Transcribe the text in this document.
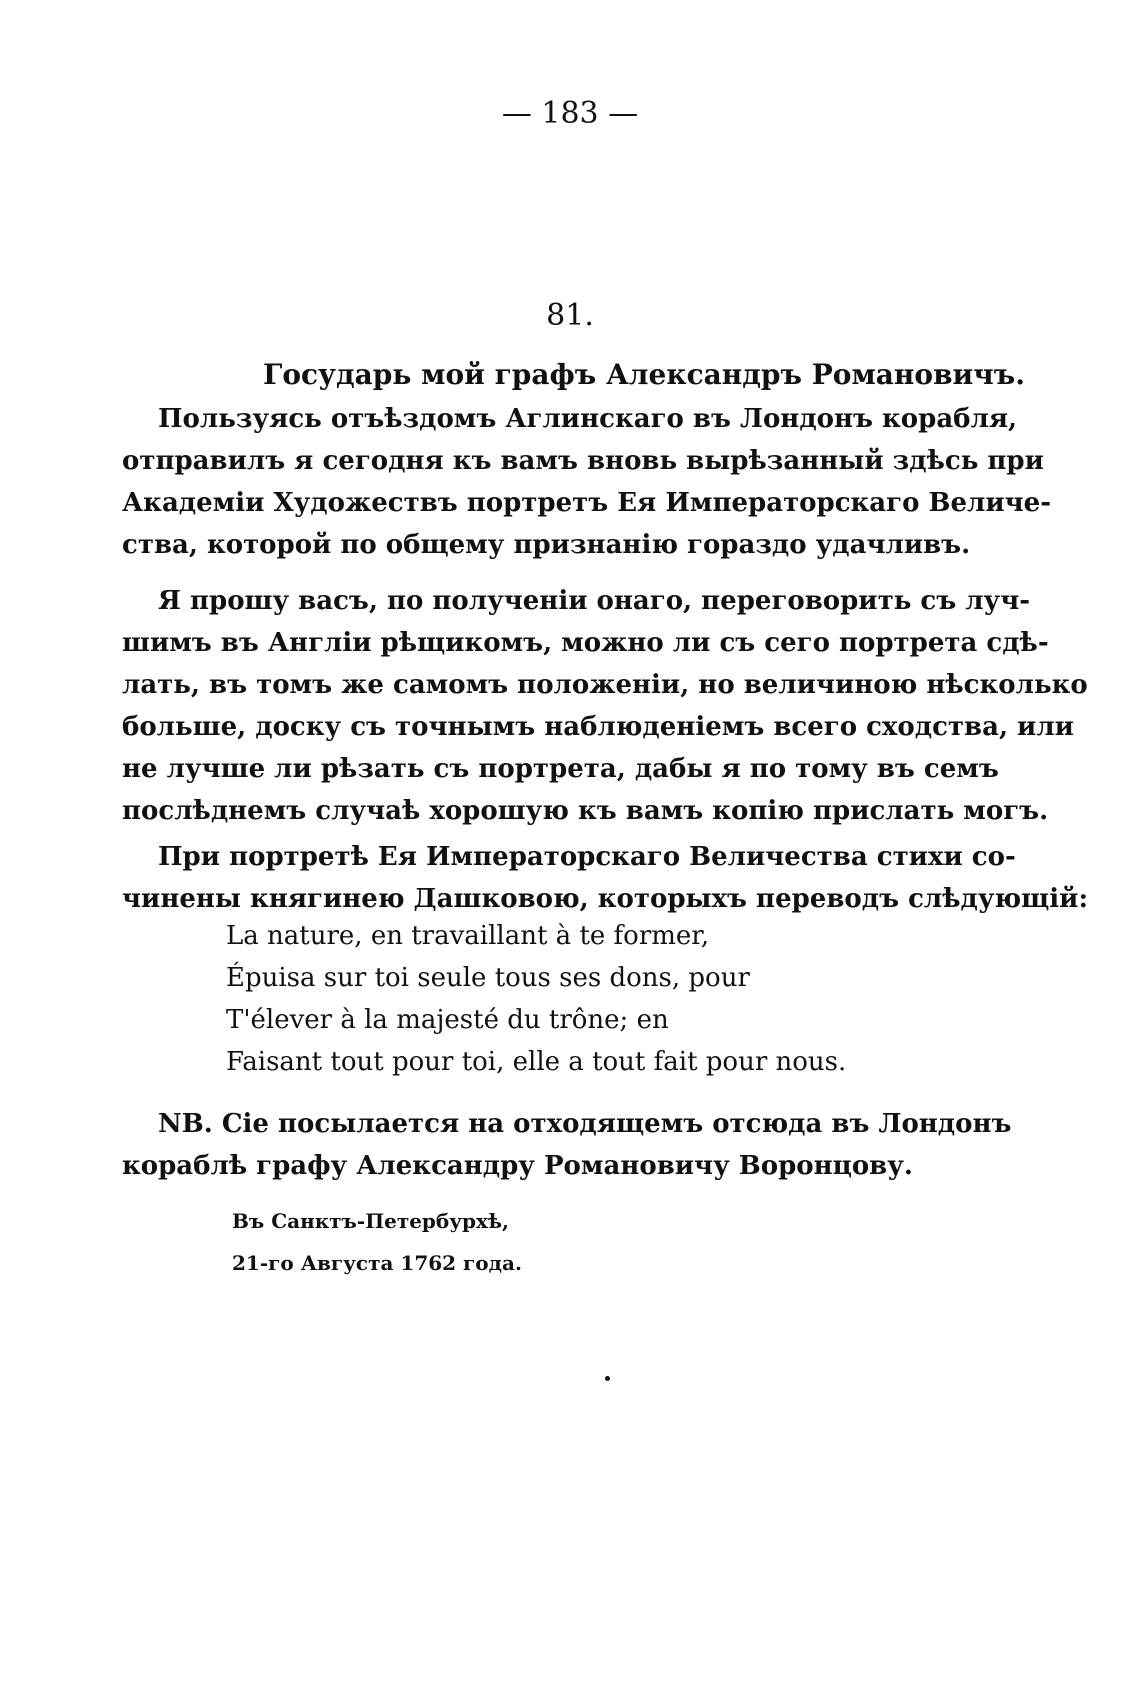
— 183 —
81.
Государь мой графъ Александръ Романовичъ.
Пользуясь отъѣздомъ Аглинскаго въ Лондонъ корабля,
отправилъ я сегодня къ вамъ вновь вырѣзанный здѣсь при
Академіи Художествъ портретъ Ея Императорскаго Величе-
ства, которой по общему признанію гораздо удачливъ.
Я прошу васъ, по полученіи онаго, переговорить съ луч-
шимъ въ Англіи рѣщикомъ, можно ли съ сего портрета сдѣ-
лать, въ томъ же самомъ положеніи, но величиною нѣсколько
больше, доску съ точнымъ наблюденіемъ всего сходства, или
не лучше ли рѣзать съ портрета, дабы я по тому въ семъ
послѣднемъ случаѣ хорошую къ вамъ копію прислать могъ.
При портретѣ Ея Императорскаго Величества стихи со-
чинены княгинею Дашковою, которыхъ переводъ слѣдующій:
La nature, en travaillant à te former,
Épuisa sur toi seule tous ses dons, pour
T'élever à la majesté du trône; en
Faisant tout pour toi, elle a tout fait pour nous.
NB. Сіе посылается на отходящемъ отсюда въ Лондонъ
кораблѣ графу Александру Романовичу Воронцову.
Въ Санктъ-Петербурхѣ,
21-го Августа 1762 года.
